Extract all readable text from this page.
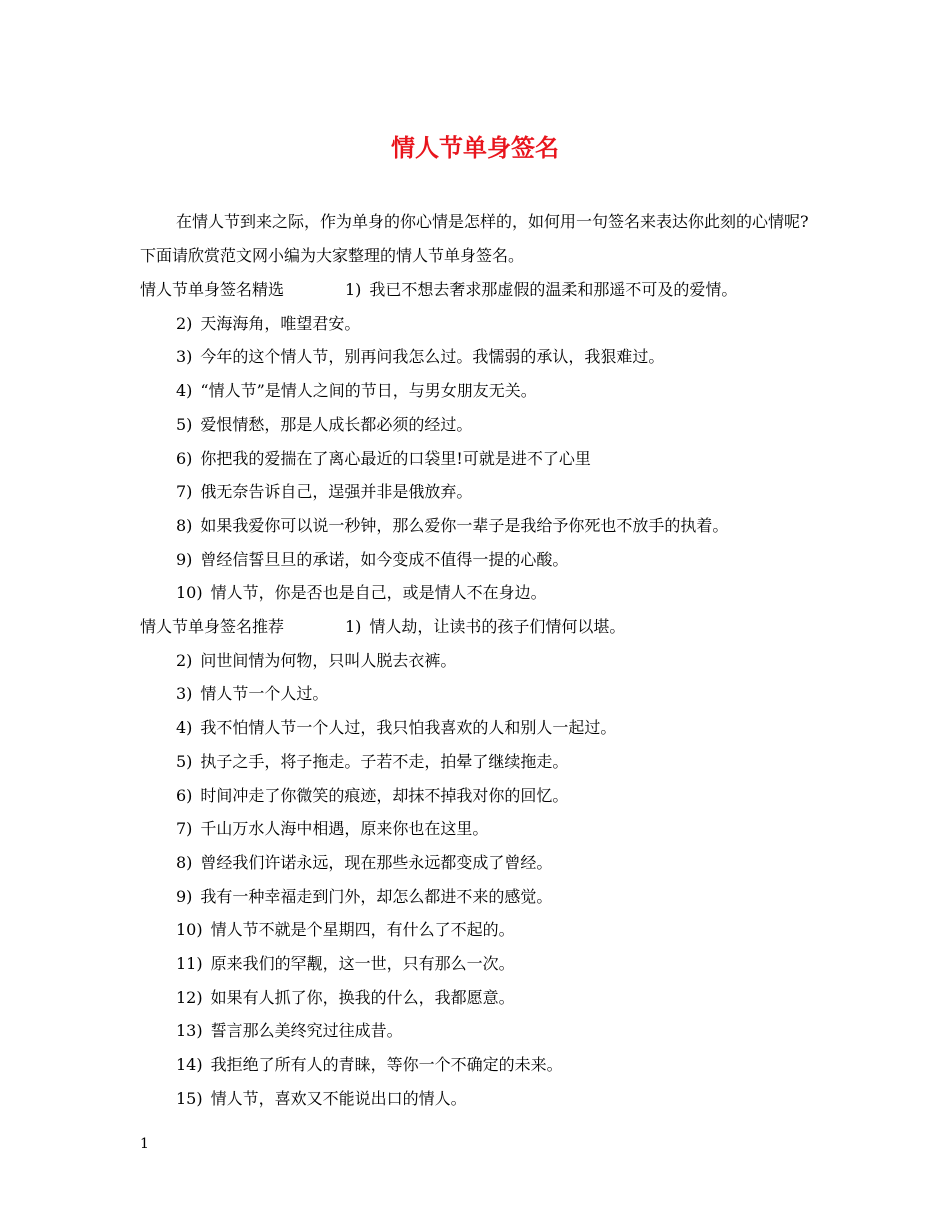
情人节单身签名

在情人节到来之际，作为单身的你心情是怎样的，如何用一句签名来表达你此刻的心情呢?下面请欣赏范文网小编为大家整理的情人节单身签名。

情人节单身签名精选	1) 我已不想去奢求那虚假的温柔和那遥不可及的爱情。
2) 天海海角，唯望君安。
3) 今年的这个情人节，别再问我怎么过。我懦弱的承认，我狠难过。
4) “情人节”是情人之间的节日，与男女朋友无关。
5) 爱恨情愁，那是人成长都必须的经过。
6) 你把我的爱揣在了离心最近的口袋里!可就是进不了心里
7) 俄无奈告诉自己，逞强并非是俄放弃。
8) 如果我爱你可以说一秒钟，那么爱你一辈子是我给予你死也不放手的执着。
9) 曾经信誓旦旦的承诺，如今变成不值得一提的心酸。
10) 情人节，你是否也是自己，或是情人不在身边。
情人节单身签名推荐	1) 情人劫，让读书的孩子们情何以堪。
2) 问世间情为何物，只叫人脱去衣裤。
3) 情人节一个人过。
4) 我不怕情人节一个人过，我只怕我喜欢的人和别人一起过。
5) 执子之手，将子拖走。子若不走，拍晕了继续拖走。
6) 时间冲走了你微笑的痕迹，却抹不掉我对你的回忆。
7) 千山万水人海中相遇，原来你也在这里。
8) 曾经我们许诺永远，现在那些永远都变成了曾经。
9) 我有一种幸福走到门外，却怎么都进不来的感觉。
10) 情人节不就是个星期四，有什么了不起的。
11) 原来我们的罕觏，这一世，只有那么一次。
12) 如果有人抓了你，换我的什么，我都愿意。
13) 誓言那么美终究过往成昔。
14) 我拒绝了所有人的青睐，等你一个不确定的未来。
15) 情人节，喜欢又不能说出口的情人。
1
